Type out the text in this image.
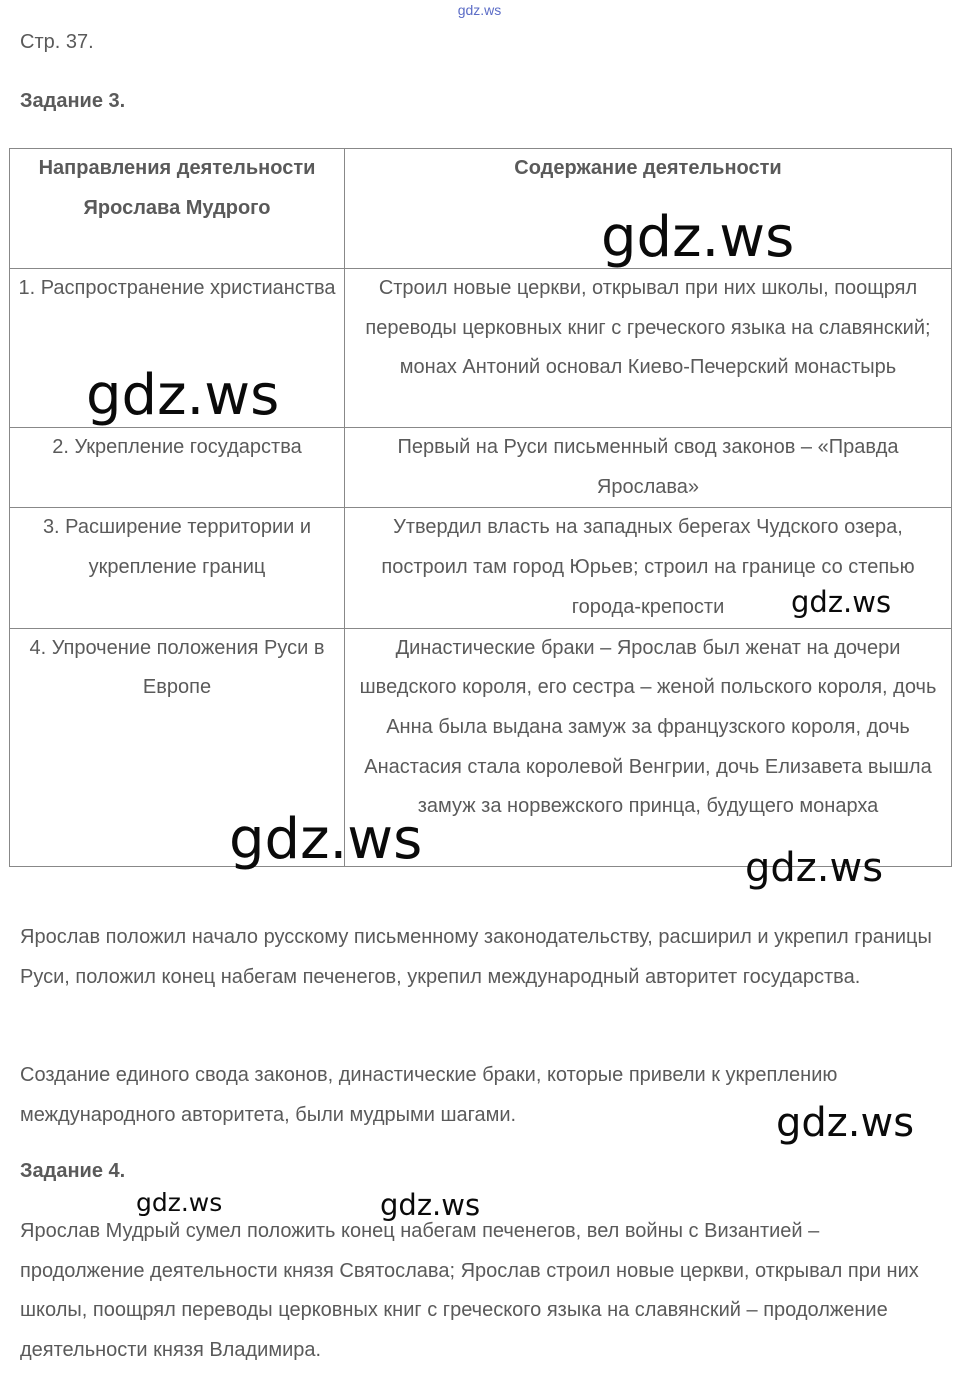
gdz.ws
Стр. 37.
Задание 3.
Направления деятельности Ярослава Мудрого	Содержание деятельности
1. Распространение христианства	Строил новые церкви, открывал при них школы, поощрял переводы церковных книг с греческого языка на славянский; монах Антоний основал Киево-Печерский монастырь
2. Укрепление государства	Первый на Руси письменный свод законов – «Правда Ярослава»
3. Расширение территории и укрепление границ	Утвердил власть на западных берегах Чудского озера, построил там город Юрьев; строил на границе со степью города-крепости
4. Упрочение положения Руси в Европе	Династические браки – Ярослав был женат на дочери шведского короля, его сестра – женой польского короля, дочь Анна была выдана замуж за французского короля, дочь Анастасия стала королевой Венгрии, дочь Елизавета вышла замуж за норвежского принца, будущего монарха
Ярослав положил начало русскому письменному законодательству, расширил и укрепил границы Руси, положил конец набегам печенегов, укрепил международный авторитет государства.
Создание единого свода законов, династические браки, которые привели к укреплению международного авторитета, были мудрыми шагами.
Задание 4.
Ярослав Мудрый сумел положить конец набегам печенегов, вел войны с Византией – продолжение деятельности князя Святослава; Ярослав строил новые церкви, открывал при них школы, поощрял переводы церковных книг с греческого языка на славянский – продолжение деятельности князя Владимира.
gdz.ws
gdz.ws
gdz.ws
gdz.ws	gdz.ws
gdz.ws
gdz.ws	gdz.ws
